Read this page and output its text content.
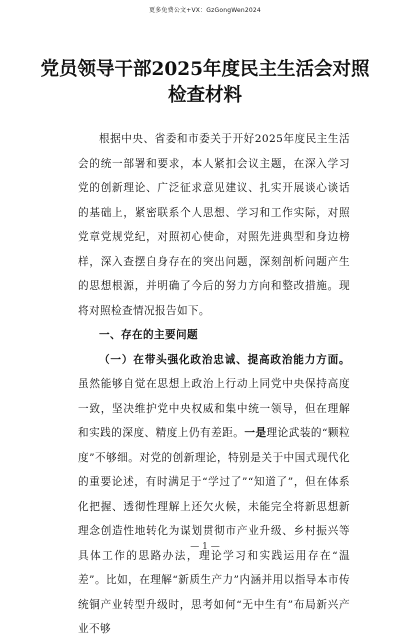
更多免费公文+VX：GzGongWen2024
党员领导干部2025年度民主生活会对照
检查材料

根据中央、省委和市委关于开好2025年度民主生活会的统一部署和要求，本人紧扣会议主题，在深入学习党的创新理论、广泛征求意见建议、扎实开展谈心谈话的基础上，紧密联系个人思想、学习和工作实际，对照党章党规党纪，对照初心使命，对照先进典型和身边榜样，深入查摆自身存在的突出问题，深刻剖析问题产生的思想根源，并明确了今后的努力方向和整改措施。现将对照检查情况报告如下。

一、存在的主要问题

（一）在带头强化政治忠诚、提高政治能力方面。虽然能够自觉在思想上政治上行动上同党中央保持高度一致，坚决维护党中央权威和集中统一领导，但在理解和实践的深度、精度上仍有差距。一是理论武装的“颗粒度”不够细。对党的创新理论，特别是关于中国式现代化的重要论述，有时满足于“学过了”“知道了”，但在体系化把握、透彻性理解上还欠火候，未能完全将新思想新理念创造性地转化为谋划贯彻市产业升级、乡村振兴等具体工作的思路办法，理论学习和实践运用存在“温差”。比如，在理解“新质生产力”内涵并用以指导本市传统铜产业转型升级时，思考如何“无中生有”布局新兴产业不够

— 1 —
